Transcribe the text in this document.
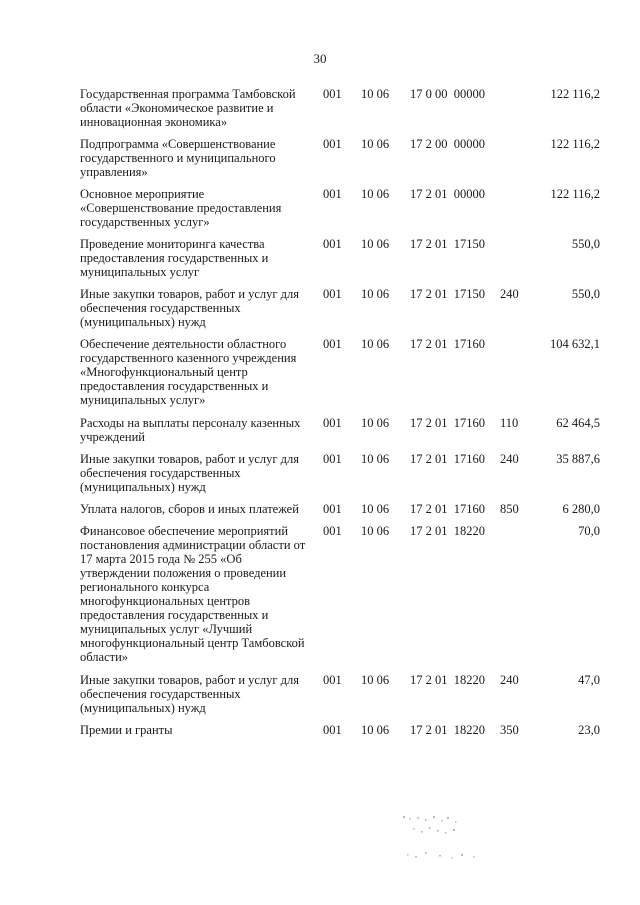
30
Государственная программа Тамбовской области «Экономическое развитие и инновационная экономика»
001 10 06 17 0 00  00000	122 116,2
Подпрограмма «Совершенствование государственного и муниципального управления»
001 10 06 17 2 00  00000	122 116,2
Основное мероприятие «Совершенствование предоставления государственных услуг»
001 10 06 17 2 01  00000	122 116,2
Проведение мониторинга качества предоставления государственных и муниципальных услуг
001 10 06 17 2 01  17150	550,0
Иные закупки товаров, работ и услуг для обеспечения государственных (муниципальных) нужд
001 10 06 17 2 01  17150 240	550,0
Обеспечение деятельности областного государственного казенного учреждения «Многофункциональный центр предоставления государственных и муниципальных услуг»
001 10 06 17 2 01  17160	104 632,1
Расходы на выплаты персоналу казенных учреждений
001 10 06 17 2 01  17160 110	62 464,5
Иные закупки товаров, работ и услуг для обеспечения государственных (муниципальных) нужд
001 10 06 17 2 01  17160 240	35 887,6
Уплата налогов, сборов и иных платежей	001 10 06 17 2 01  17160 850	6 280,0
Финансовое обеспечение мероприятий постановления администрации области от 17 марта 2015 года № 255 «Об утверждении положения о проведении регионального конкурса многофункциональных центров предоставления государственных и муниципальных услуг «Лучший многофункциональный центр Тамбовской области»
001 10 06 17 2 01  18220	70,0
Иные закупки товаров, работ и услуг для обеспечения государственных (муниципальных) нужд
001 10 06 17 2 01  18220 240	47,0
Премии и гранты	001 10 06 17 2 01  18220 350	23,0
